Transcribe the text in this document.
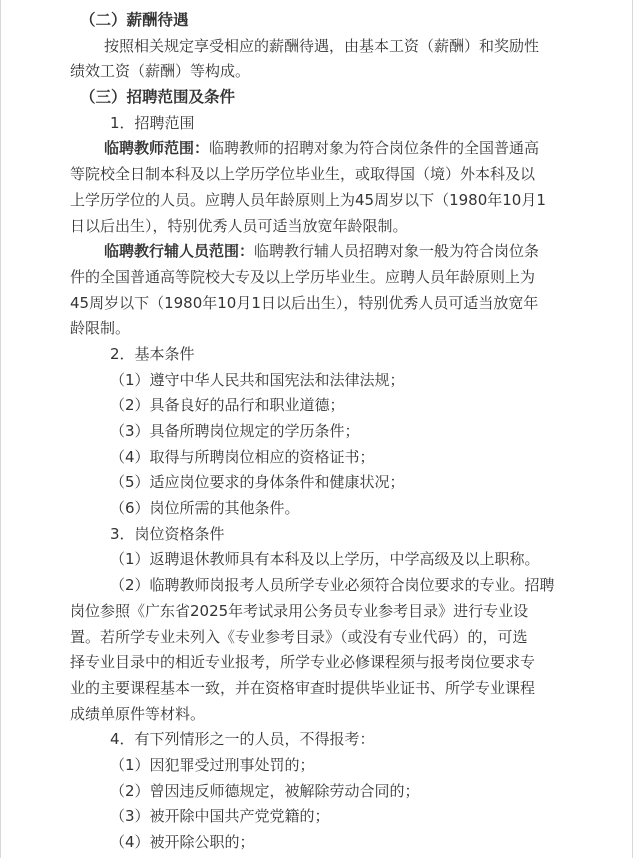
（二）薪酬待遇
按照相关规定享受相应的薪酬待遇，由基本工资（薪酬）和奖励性
绩效工资（薪酬）等构成。
（三）招聘范围及条件
1．招聘范围
临聘教师范围：临聘教师的招聘对象为符合岗位条件的全国普通高
等院校全日制本科及以上学历学位毕业生，或取得国（境）外本科及以
上学历学位的人员。应聘人员年龄原则上为45周岁以下（1980年10月1
日以后出生），特别优秀人员可适当放宽年龄限制。
临聘教行辅人员范围：临聘教行辅人员招聘对象一般为符合岗位条
件的全国普通高等院校大专及以上学历毕业生。应聘人员年龄原则上为
45周岁以下（1980年10月1日以后出生），特别优秀人员可适当放宽年
龄限制。
2．基本条件
（1）遵守中华人民共和国宪法和法律法规；
（2）具备良好的品行和职业道德；
（3）具备所聘岗位规定的学历条件；
（4）取得与所聘岗位相应的资格证书；
（5）适应岗位要求的身体条件和健康状况；
（6）岗位所需的其他条件。
3．岗位资格条件
（1）返聘退休教师具有本科及以上学历，中学高级及以上职称。
（2）临聘教师岗报考人员所学专业必须符合岗位要求的专业。招聘
岗位参照《广东省2025年考试录用公务员专业参考目录》进行专业设
置。若所学专业未列入《专业参考目录》（或没有专业代码）的，可选
择专业目录中的相近专业报考，所学专业必修课程须与报考岗位要求专
业的主要课程基本一致，并在资格审查时提供毕业证书、所学专业课程
成绩单原件等材料。
4．有下列情形之一的人员，不得报考：
（1）因犯罪受过刑事处罚的；
（2）曾因违反师德规定，被解除劳动合同的；
（3）被开除中国共产党党籍的；
（4）被开除公职的；
